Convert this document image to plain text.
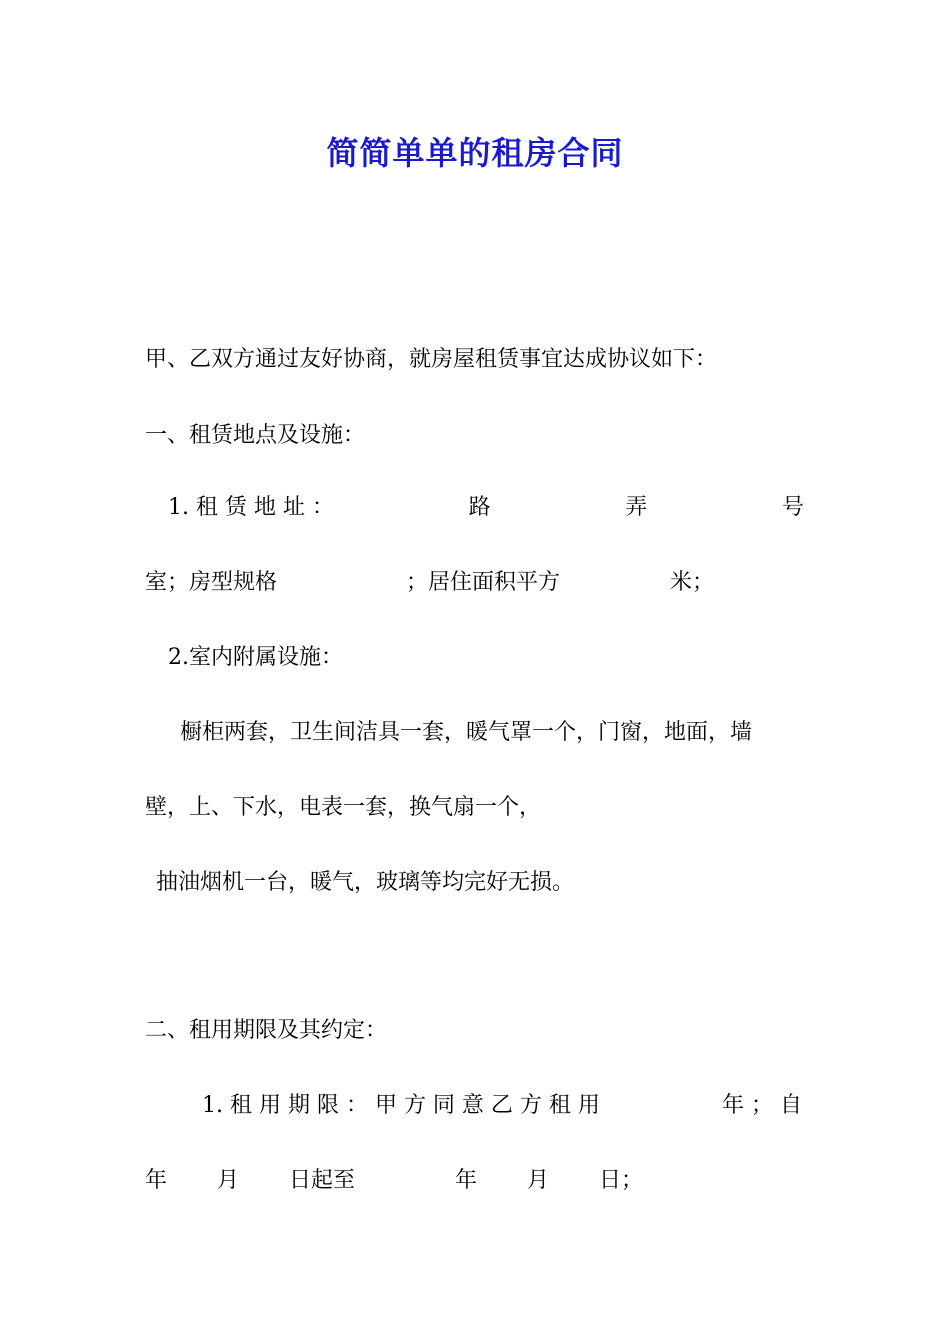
简简单单的租房合同
甲、乙双方通过友好协商，就房屋租赁事宜达成协议如下：
一、租赁地点及设施：
1. 租 赁 地 址 ：	路	弄	号
室；房型规格	；居住面积平方	米；
2.室内附属设施：
橱柜两套，卫生间洁具一套，暖气罩一个，门窗，地面，墙
壁，上、下水，电表一套，换气扇一个，
抽油烟机一台，暖气，玻璃等均完好无损。
二、租用期限及其约定：
1. 租 用 期 限 ： 甲 方 同 意 乙 方 租 用	年 ； 自
年 月 日起至	年 月 日；
